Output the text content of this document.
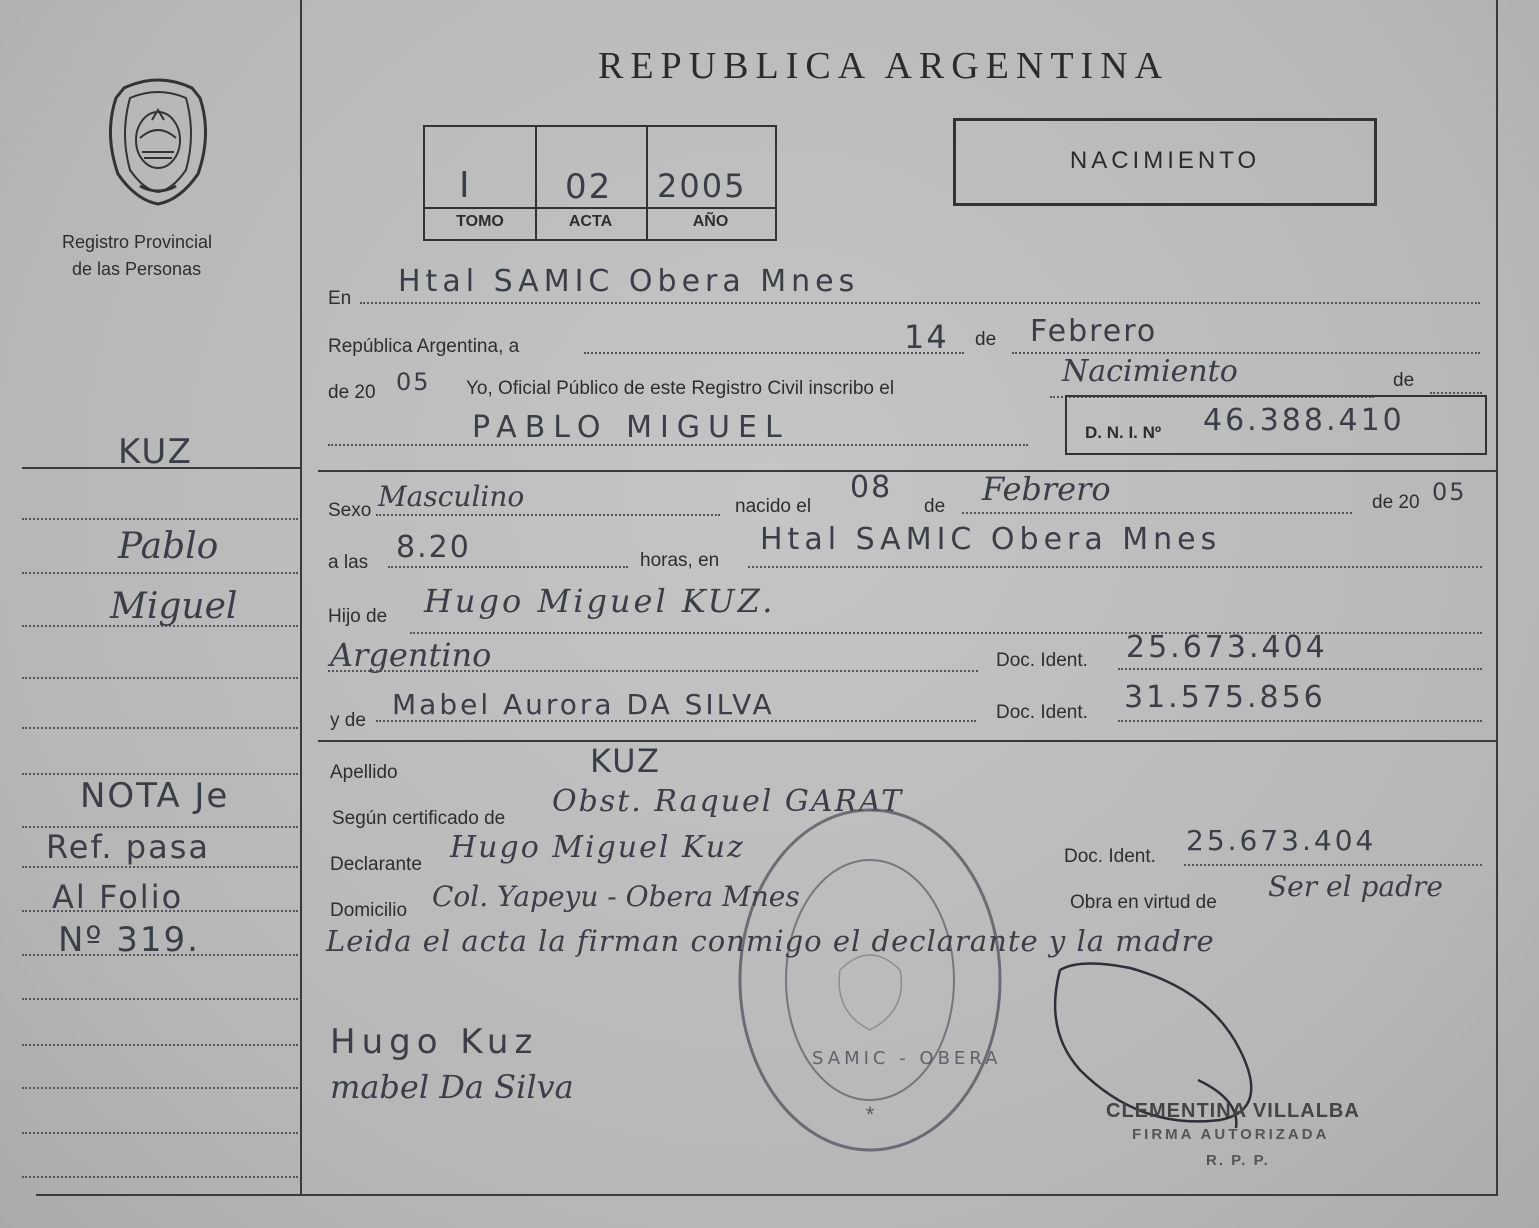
Registro Provincial
de las Personas
KUZ
Pablo
Miguel
NOTA Je
Ref. pasa
Al Folio
Nº 319.
REPUBLICA ARGENTINA
I	02 2005
TOMO	ACTA	AÑO
NACIMIENTO
En Htal SAMIC Obera Mnes
República Argentina, a	14 de Febrero
de 20 05 Yo, Oficial Público de este Registro Civil inscribo el	Nacimiento	de
PABLO MIGUEL	D. N. I. Nº 46.388.410
Sexo Masculino	nacido el
08
de Febrero	de 20 05
a las 8.20	horas, en
Htal SAMIC Obera Mnes
Hijo de Hugo Miguel KUZ.
Argentino	Doc. Ident. 25.673.404
y de Mabel Aurora DA SILVA	Doc. Ident. 31.575.856
Apellido	KUZ
Según certificado de Obst. Raquel GARAT
*
SAMIC - OBERA
Declarante Hugo Miguel Kuz	Doc. Ident. 25.673.404
Domicilio Col. Yapeyu - Obera Mnes	Obra en virtud de Ser el padre
Leida el acta la firman conmigo el declarante y la madre
Hugo Kuz
mabel Da Silva
CLEMENTINA VILLALBA
FIRMA AUTORIZADA
R. P. P.
